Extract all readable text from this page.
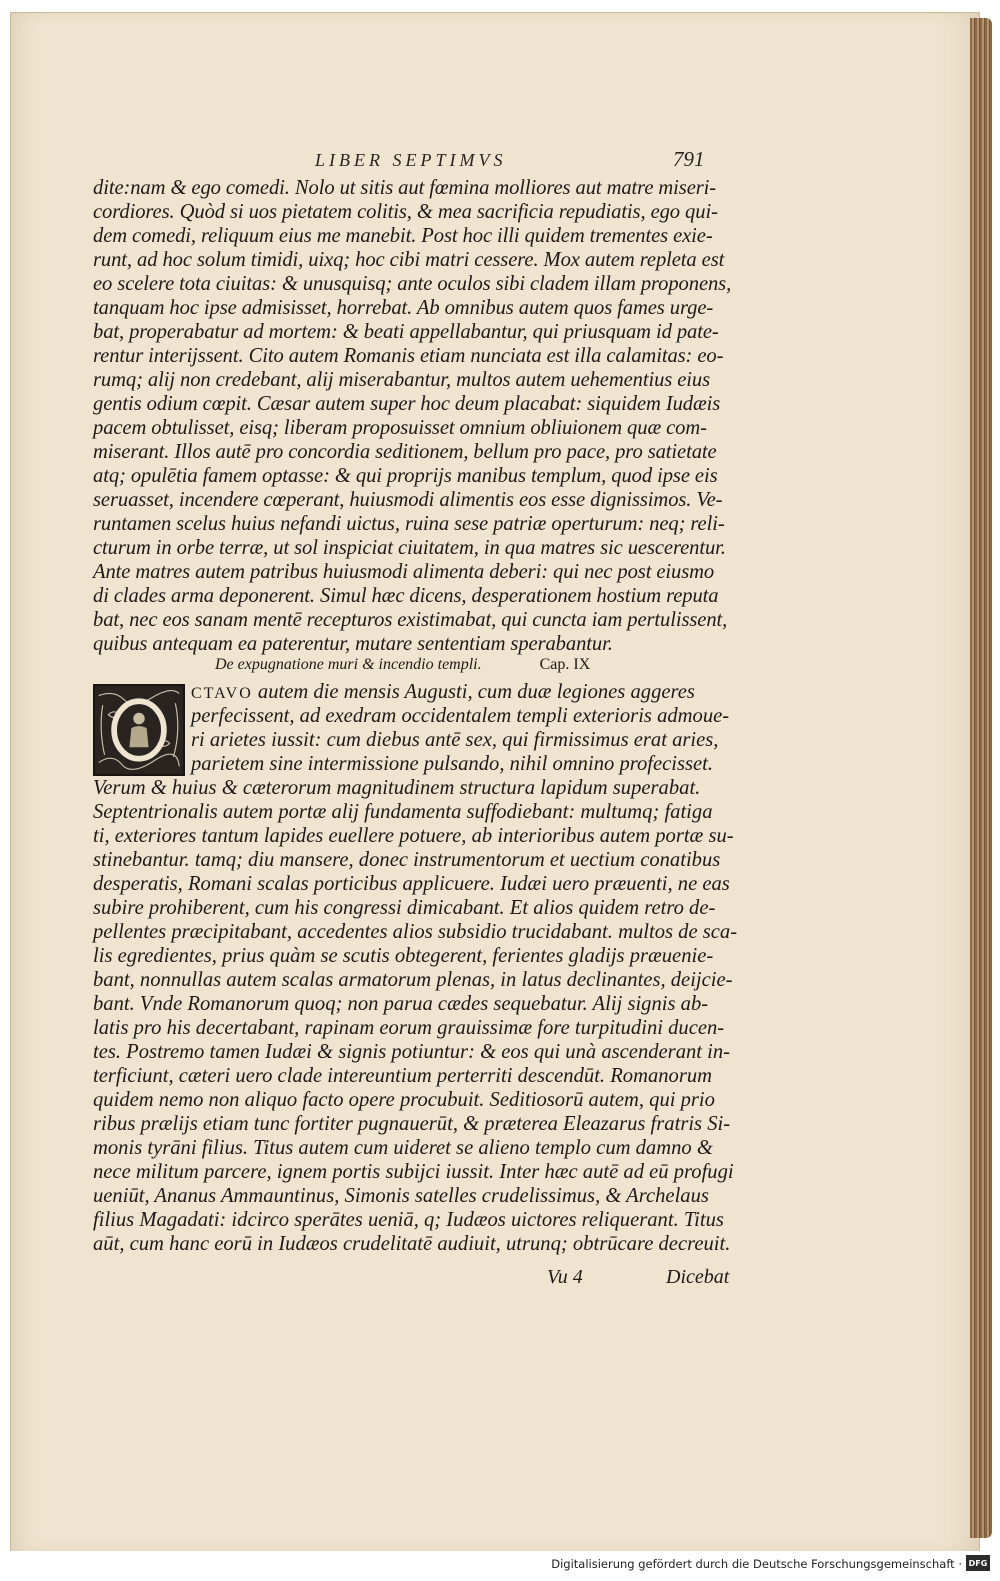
LIBER SEPTIMVS	791
dite:nam & ego comedi. Nolo ut sitis aut fœmina molliores aut matre miseri-
cordiores. Quòd si uos pietatem colitis, & mea sacrificia repudiatis, ego qui-
dem comedi, reliquum eius me manebit. Post hoc illi quidem trementes exie-
runt, ad hoc solum timidi, uixq; hoc cibi matri cessere. Mox autem repleta est
eo scelere tota ciuitas: & unusquisq; ante oculos sibi cladem illam proponens,
tanquam hoc ipse admisisset, horrebat. Ab omnibus autem quos fames urge-
bat, properabatur ad mortem: & beati appellabantur, qui priusquam id pate-
rentur interijssent. Cito autem Romanis etiam nunciata est illa calamitas: eo-
rumq; alij non credebant, alij miserabantur, multos autem uehementius eius
gentis odium cœpit. Cæsar autem super hoc deum placabat: siquidem Iudæis
pacem obtulisset, eisq; liberam proposuisset omnium obliuionem quæ com-
miserant. Illos autē pro concordia seditionem, bellum pro pace, pro satietate
atq; opulētia famem optasse: & qui proprijs manibus templum, quod ipse eis
seruasset, incendere cœperant, huiusmodi alimentis eos esse dignissimos. Ve-
runtamen scelus huius nefandi uictus, ruina sese patriæ operturum: neq; reli-
cturum in orbe terræ, ut sol inspiciat ciuitatem, in qua matres sic uescerentur.
Ante matres autem patribus huiusmodi alimenta deberi: qui nec post eiusmo
di clades arma deponerent. Simul hæc dicens, desperationem hostium reputa
bat, nec eos sanam mentē recepturos existimabat, qui cuncta iam pertulissent,
quibus antequam ea paterentur, mutare sententiam sperabantur.
De expugnatione muri & incendio templi.	Cap. IX
CTAVO autem die mensis Augusti, cum duæ legiones aggeres
perfecissent, ad exedram occidentalem templi exterioris admoue-
ri arietes iussit: cum diebus antē sex, qui firmissimus erat aries,
parietem sine intermissione pulsando, nihil omnino profecisset.
Verum & huius & cæterorum magnitudinem structura lapidum superabat.
Septentrionalis autem portæ alij fundamenta suffodiebant: multumq; fatiga
ti, exteriores tantum lapides euellere potuere, ab interioribus autem portæ su-
stinebantur. tamq; diu mansere, donec instrumentorum et uectium conatibus
desperatis, Romani scalas porticibus applicuere. Iudæi uero præuenti, ne eas
subire prohiberent, cum his congressi dimicabant. Et alios quidem retro de-
pellentes præcipitabant, accedentes alios subsidio trucidabant. multos de sca-
lis egredientes, prius quàm se scutis obtegerent, ferientes gladijs præuenie-
bant, nonnullas autem scalas armatorum plenas, in latus declinantes, deijcie-
bant. Vnde Romanorum quoq; non parua cædes sequebatur. Alij signis ab-
latis pro his decertabant, rapinam eorum grauissimæ fore turpitudini ducen-
tes. Postremo tamen Iudæi & signis potiuntur: & eos qui unà ascenderant in-
terficiunt, cæteri uero clade intereuntium perterriti descendūt. Romanorum
quidem nemo non aliquo facto opere procubuit. Seditiosorū autem, qui prio
ribus prælijs etiam tunc fortiter pugnauerūt, & præterea Eleazarus fratris Si-
monis tyrāni filius. Titus autem cum uideret se alieno templo cum damno &
nece militum parcere, ignem portis subijci iussit. Inter hæc autē ad eū profugi
ueniūt, Ananus Ammauntinus, Simonis satelles crudelissimus, & Archelaus
filius Magadati: idcirco sperātes ueniā, q; Iudæos uictores reliquerant. Titus
aūt, cum hanc eorū in Iudæos crudelitatē audiuit, utrunq; obtrūcare decreuit.
Vu 4	Dicebat
Digitalisierung gefördert durch die Deutsche Forschungsgemeinschaft · DFG
